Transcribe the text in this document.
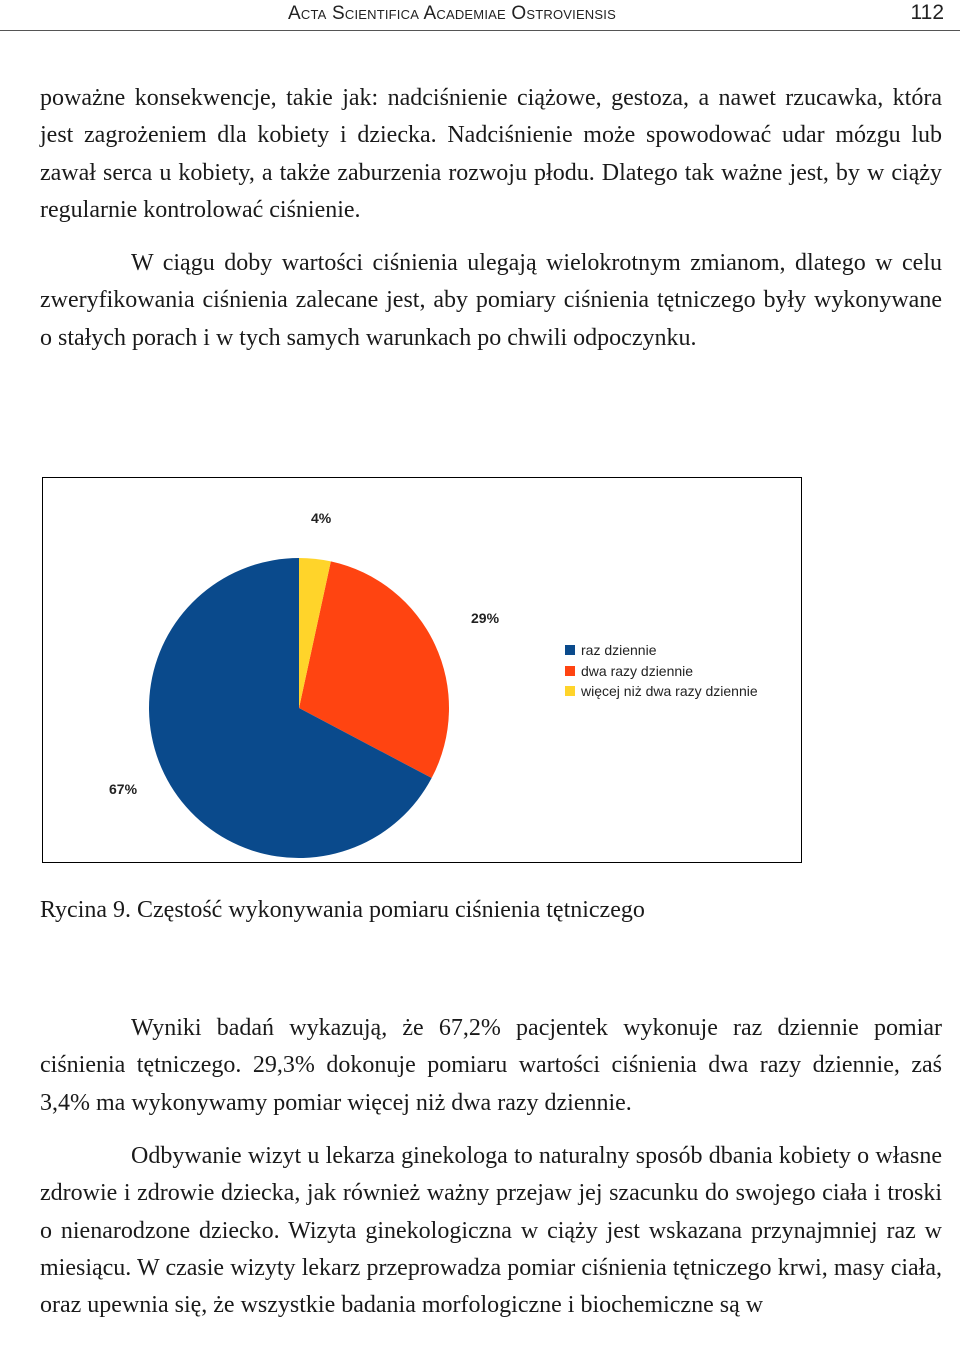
Acta Scientifica Academiae Ostroviensis	112

poważne konsekwencje, takie jak: nadciśnienie ciążowe, gestoza, a nawet rzucawka, która jest zagrożeniem dla kobiety i dziecka. Nadciśnienie może spowodować udar mózgu lub zawał serca u kobiety, a także zaburzenia rozwoju płodu. Dlatego tak ważne jest, by w ciąży regularnie kontrolować ciśnienie.

W ciągu doby wartości ciśnienia ulegają wielokrotnym zmianom, dlatego w celu zweryfikowania ciśnienia zalecane jest, aby pomiary ciśnienia tętniczego były wykonywane o stałych porach i w tych samych warunkach po chwili odpoczynku.

4%
29%
67%
raz dziennie
dwa razy dziennie
więcej niż dwa razy dziennie

Rycina 9. Częstość wykonywania pomiaru ciśnienia tętniczego

Wyniki badań wykazują, że 67,2% pacjentek wykonuje raz dziennie pomiar ciśnienia tętniczego. 29,3% dokonuje pomiaru wartości ciśnienia dwa razy dziennie, zaś 3,4% ma wykonywamy pomiar więcej niż dwa razy dziennie.

Odbywanie wizyt u lekarza ginekologa to naturalny sposób dbania kobiety o własne zdrowie i zdrowie dziecka, jak również ważny przejaw jej szacunku do swojego ciała i troski o nienarodzone dziecko. Wizyta ginekologiczna w ciąży jest wskazana przynajmniej raz w miesiącu. W czasie wizyty lekarz przeprowadza pomiar ciśnienia tętniczego krwi, masy ciała, oraz upewnia się, że wszystkie badania morfologiczne i biochemiczne są w
